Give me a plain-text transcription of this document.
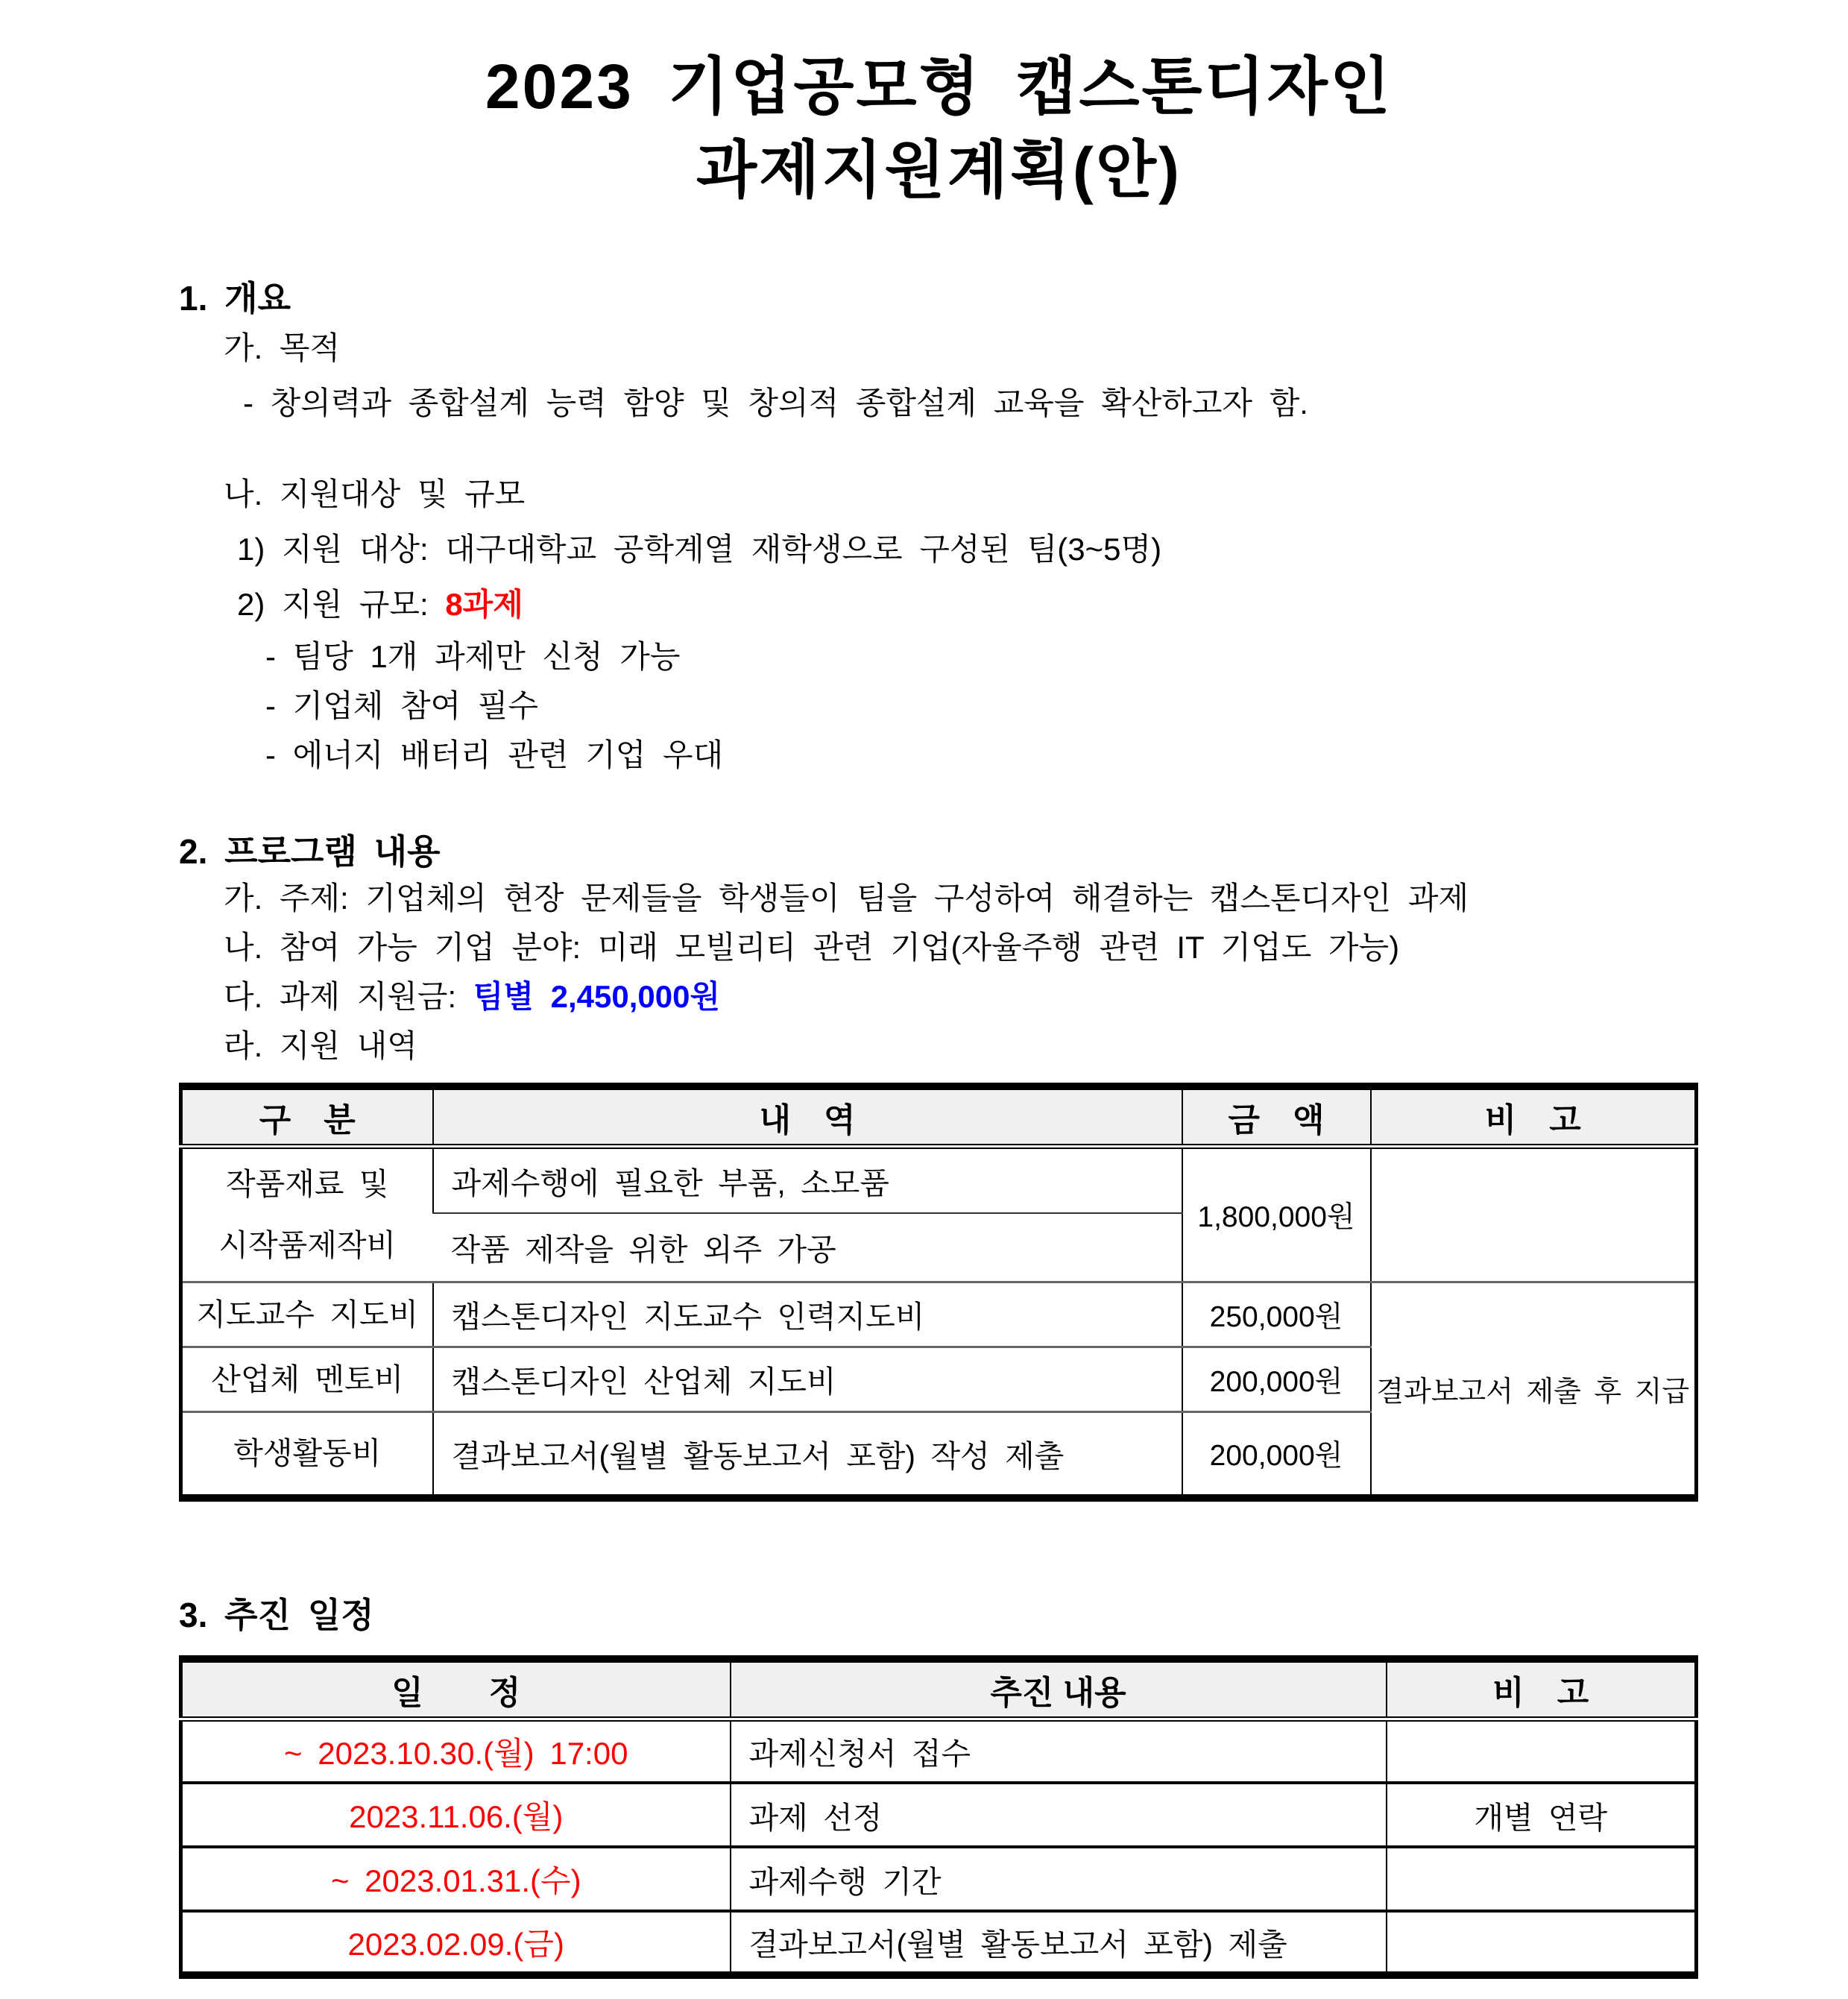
2023 기업공모형 캡스톤디자인
과제지원계획(안)
1. 개요
가. 목적
- 창의력과 종합설계 능력 함양 및 창의적 종합설계 교육을 확산하고자 함.
나. 지원대상 및 규모
1) 지원 대상: 대구대학교 공학계열 재학생으로 구성된 팀(3~5명)
2) 지원 규모: 8과제
- 팀당 1개 과제만 신청 가능
- 기업체 참여 필수
- 에너지 배터리 관련 기업 우대
2. 프로그램 내용
가. 주제: 기업체의 현장 문제들을 학생들이 팀을 구성하여 해결하는 캡스톤디자인 과제
나. 참여 가능 기업 분야: 미래 모빌리티 관련 기업(자율주행 관련 IT 기업도 가능)
다. 과제 지원금: 팀별 2,450,000원
라. 지원 내역
구　분	내　역	금　액	비　고

작품재료 및
시작품제작비	과제수행에 필요한 부품, 소모품	1,800,000원	
	작품 제작을 위한 외주 가공		
지도교수 지도비	캡스톤디자인 지도교수 인력지도비	250,000원	결과보고서 제출 후 지급
산업체 멘토비	캡스톤디자인 산업체 지도비	200,000원	
학생활동비	결과보고서(월별 활동보고서 포함) 작성 제출	200,000원	
3. 추진 일정
일　　정	추진 내용	비　고
~ 2023.10.30.(월) 17:00	과제신청서 접수	
2023.11.06.(월)	과제 선정	개별 연락
~ 2023.01.31.(수)	과제수행 기간	
2023.02.09.(금)	결과보고서(월별 활동보고서 포함) 제출	
